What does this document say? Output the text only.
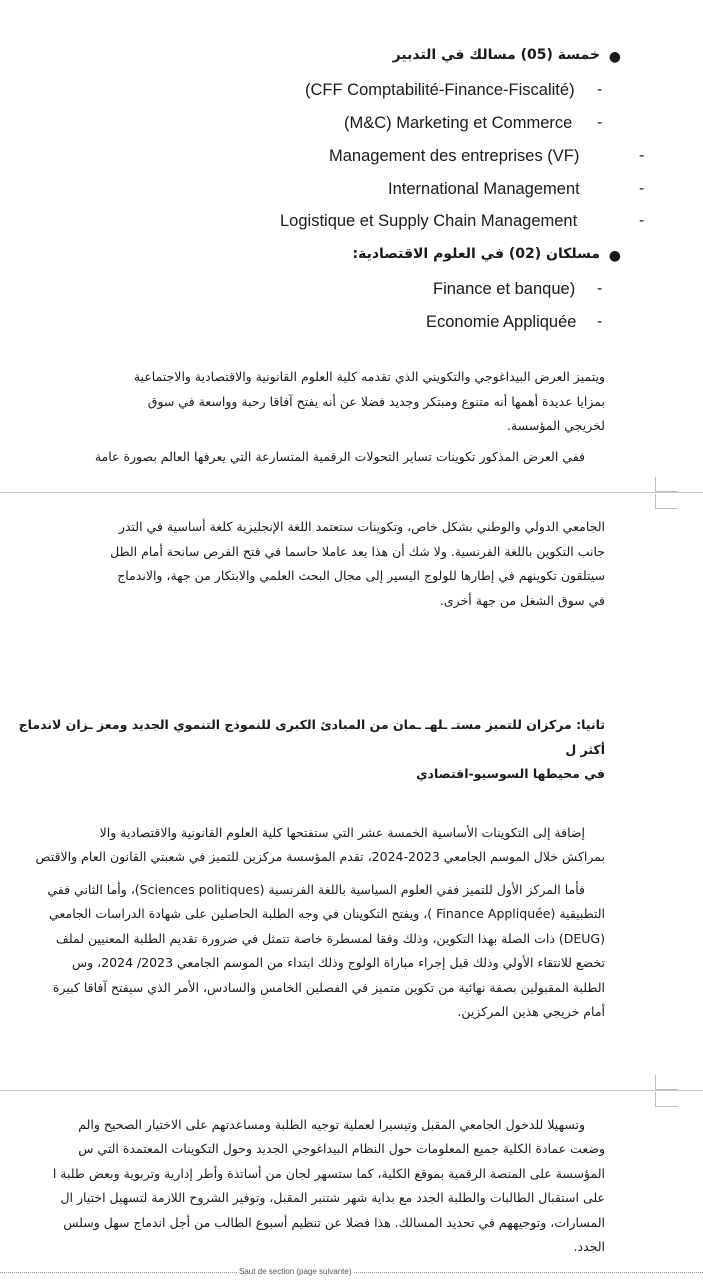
●
خمسة (05) مسالك في التدبير
-
(CFF Comptabilité-Finance-Fiscalité)
-
(M&C) Marketing et Commerce
-
Management des entreprises (VF)
-
International Management
-
Logistique et Supply Chain Management
●
مسلكان (02) في العلوم الاقتصادية:
-
Finance et banque)
-
Economie Appliquée

ويتميز العرض البيداغوجي والتكويني الذي تقدمه كلية العلوم القانونية والاقتصادية والاجتماعية
بمزايا عديدة أهمها أنه متنوع ومبتكر وجديد فضلا عن أنه يفتح آفاقا رحبة وواسعة في سوق
لخريجي المؤسسة.

ففي العرض المذكور تكوينات تساير التحولات الرقمية المتسارعة التي يعرفها العالم بصورة عامة

الجامعي الدولي والوطني بشكل خاص، وتكوينات ستعتمد اللغة الإنجليزية كلغة أساسية في التدر
جانب التكوين باللغة الفرنسية. ولا شك أن هذا يعد عاملا حاسما في فتح الفرص سانحة أمام الطل
سيتلقون تكوينهم في إطارها للولوج اليسير إلى مجال البحث العلمي والابتكار من جهة، والاندماج
في سوق الشغل من جهة أخرى.

ثانيا: مركزان للتميز مستـ ـلهـ ـمان من المبادئ الكبرى للنموذج التنموي الجديد ومعز ـزان لاندماج أكثر ل
في محيطها السوسيو-اقتصادي

إضافة إلى التكوينات الأساسية الخمسة عشر التي ستفتحها كلية العلوم القانونية والاقتصادية والا
بمراكش خلال الموسم الجامعي 2023-2024، تقدم المؤسسة مركزين للتميز في شعبتي القانون العام والاقتص

فأما المركز الأول للتميز ففي العلوم السياسية باللغة الفرنسية (Sciences politiques)، وأما الثاني ففي
التطبيقية (Finance Appliquée )، ويفتح التكوينان في وجه الطلبة الحاصلين على شهادة الدراسات الجامعي
(DEUG) ذات الصلة بهذا التكوين، وذلك وفقا لمسطرة خاصة تتمثل في ضرورة تقديم الطلبة المعنيين لملف
تخضع للانتقاء الأولي وذلك قبل إجراء مباراة الولوج وذلك ابتداء من الموسم الجامعي 2023/ 2024، وس
الطلبة المقبولين بصفة نهائية من تكوين متميز في الفصلين الخامس والسادس، الأمر الذي سيفتح آفاقا كبيرة
أمام خريجي هذين المركزين.

وتسهيلا للدخول الجامعي المقبل وتيسيرا لعملية توجيه الطلبة ومساعدتهم على الاختيار الصحيح والم
وضعت عمادة الكلية جميع المعلومات حول النظام البيداغوجي الجديد وحول التكوينات المعتمدة التي س
المؤسسة على المنصة الرقمية بموقع الكلية، كما ستسهر لجان من أساتذة وأطر إدارية وتربوية وبعض طلبة ا
على استقبال الطالبات والطلبة الجدد مع بداية شهر شتنبر المقبل، وتوفير الشروح اللازمة لتسهيل اختيار ال
المسارات، وتوجيههم في تحديد المسالك. هذا فضلا عن تنظيم أسبوع الطالب من أجل اندماج سهل وسلس
الجدد.

Saut de section (page suivante)
